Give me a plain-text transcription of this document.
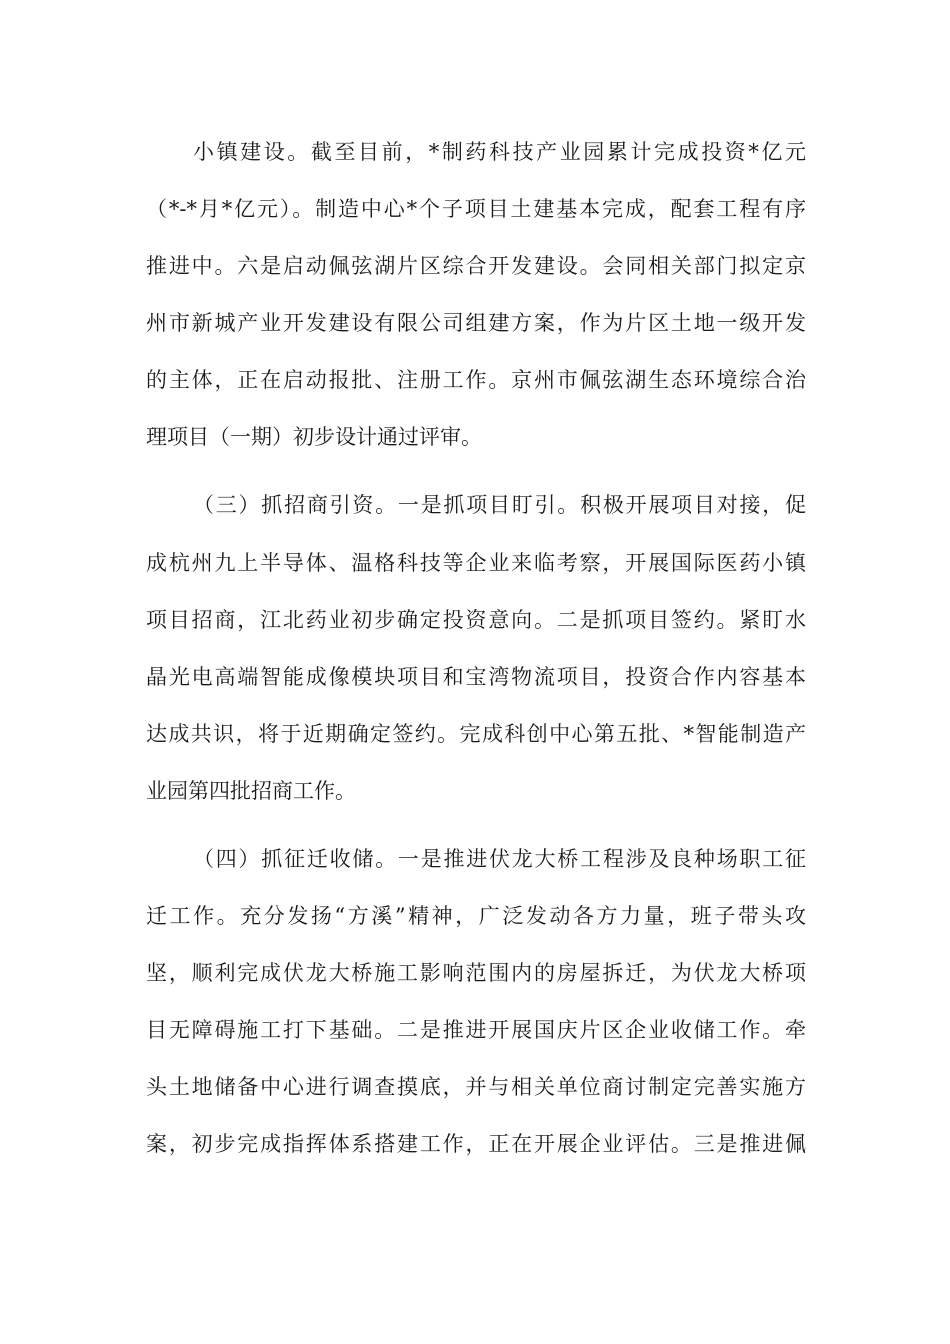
小镇建设。截至目前，*制药科技产业园累计完成投资*亿元
（*-*月*亿元）。制造中心*个子项目土建基本完成，配套工程有序
推进中。六是启动佩弦湖片区综合开发建设。会同相关部门拟定京
州市新城产业开发建设有限公司组建方案，作为片区土地一级开发
的主体，正在启动报批、注册工作。京州市佩弦湖生态环境综合治
理项目（一期）初步设计通过评审。
（三）抓招商引资。一是抓项目盯引。积极开展项目对接，促
成杭州九上半导体、温格科技等企业来临考察，开展国际医药小镇
项目招商，江北药业初步确定投资意向。二是抓项目签约。紧盯水
晶光电高端智能成像模块项目和宝湾物流项目，投资合作内容基本
达成共识，将于近期确定签约。完成科创中心第五批、*智能制造产
业园第四批招商工作。
（四）抓征迁收储。一是推进伏龙大桥工程涉及良种场职工征
迁工作。充分发扬“方溪”精神，广泛发动各方力量，班子带头攻
坚，顺利完成伏龙大桥施工影响范围内的房屋拆迁，为伏龙大桥项
目无障碍施工打下基础。二是推进开展国庆片区企业收储工作。牵
头土地储备中心进行调查摸底，并与相关单位商讨制定完善实施方
案，初步完成指挥体系搭建工作，正在开展企业评估。三是推进佩
